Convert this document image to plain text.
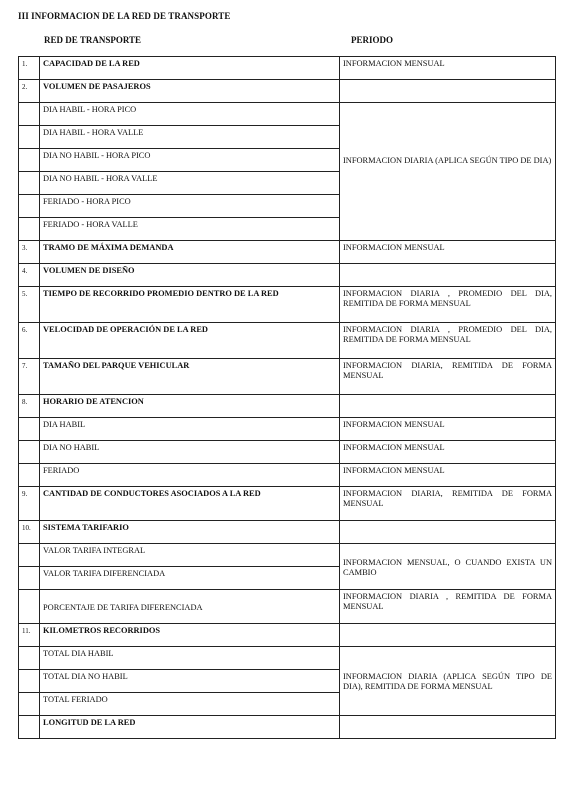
III INFORMACION DE LA RED DE TRANSPORTE
RED DE TRANSPORTE	PERIODO
1.	CAPACIDAD DE LA RED	INFORMACION MENSUAL
2.	VOLUMEN DE PASAJEROS	
	DIA HABIL - HORA PICO	INFORMACION DIARIA (APLICA SEGÚN TIPO DE DIA)
	DIA HABIL - HORA VALLE	
	DIA NO HABIL - HORA PICO	
	DIA NO HABIL - HORA VALLE	
	FERIADO - HORA PICO	
	FERIADO - HORA VALLE	
3.	TRAMO DE MÁXIMA DEMANDA	INFORMACION MENSUAL
4.	VOLUMEN DE DISEÑO	
5.	TIEMPO DE RECORRIDO PROMEDIO DENTRO DE LA RED	INFORMACION DIARIA , PROMEDIO DEL DIA, REMITIDA DE FORMA MENSUAL
6.	VELOCIDAD DE OPERACIÓN DE LA RED	INFORMACION DIARIA , PROMEDIO DEL DIA, REMITIDA DE FORMA MENSUAL
7.	TAMAÑO DEL PARQUE VEHICULAR	INFORMACION DIARIA, REMITIDA DE FORMA MENSUAL
8.	HORARIO DE ATENCION	
	DIA HABIL	INFORMACION MENSUAL
	DIA NO HABIL	INFORMACION MENSUAL
	FERIADO	INFORMACION MENSUAL
9.	CANTIDAD DE CONDUCTORES ASOCIADOS A LA RED	INFORMACION DIARIA, REMITIDA DE FORMA MENSUAL
10.	SISTEMA TARIFARIO	
	VALOR TARIFA INTEGRAL	INFORMACION MENSUAL, O CUANDO EXISTA UN CAMBIO
	VALOR TARIFA DIFERENCIADA	
	PORCENTAJE DE TARIFA DIFERENCIADA	INFORMACION DIARIA , REMITIDA DE FORMA MENSUAL
11.	KILOMETROS RECORRIDOS	
	TOTAL DIA HABIL	INFORMACION DIARIA (APLICA SEGÚN TIPO DE DIA), REMITIDA DE FORMA MENSUAL
	TOTAL DIA NO HABIL	
	TOTAL FERIADO	
	LONGITUD DE LA RED	
